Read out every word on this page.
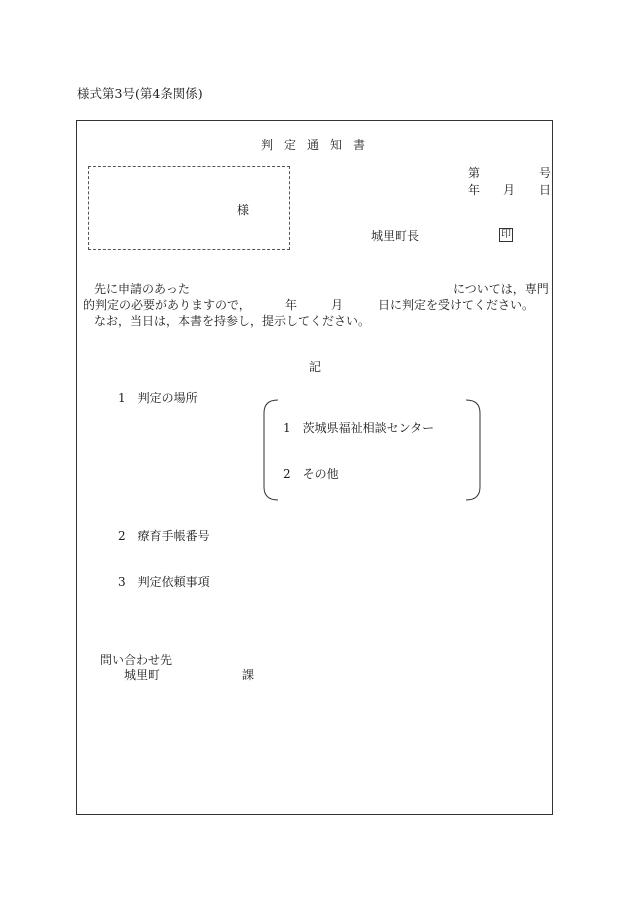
様式第3号(第4条関係)
判定通知書
様
第	号
年 月 日
城里町長	印
先に申請のあった	については，専門
的判定の必要がありますので，	年	月	日に判定を受けてください。
なお，当日は，本書を持参し，提示してください。
記
1　判定の場所
1　茨城県福祉相談センター
2　その他
2　療育手帳番号
3　判定依頼事項
問い合わせ先
城里町	課
